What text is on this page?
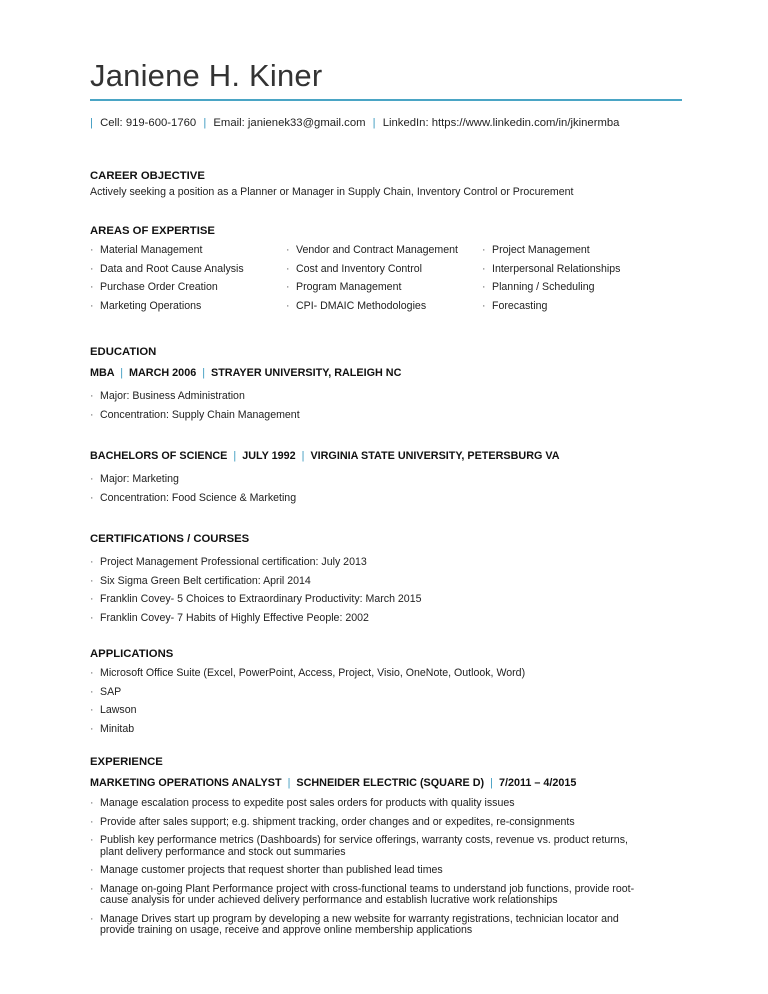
Janiene H. Kiner
| Cell: 919-600-1760 | Email: janienek33@gmail.com | LinkedIn: https://www.linkedin.com/in/jkinermba
CAREER OBJECTIVE
Actively seeking a position as a Planner or Manager in Supply Chain, Inventory Control or Procurement
AREAS OF EXPERTISE
· Material Management
· Data and Root Cause Analysis
· Purchase Order Creation
· Marketing Operations
· Vendor and Contract Management
· Cost and Inventory Control
· Program Management
· CPI- DMAIC Methodologies
· Project Management
· Interpersonal Relationships
· Planning / Scheduling
· Forecasting
EDUCATION
MBA | MARCH 2006 | STRAYER UNIVERSITY, RALEIGH NC
· Major: Business Administration
· Concentration: Supply Chain Management
BACHELORS OF SCIENCE | JULY 1992 | VIRGINIA STATE UNIVERSITY, PETERSBURG VA
· Major: Marketing
· Concentration: Food Science & Marketing
CERTIFICATIONS / COURSES
· Project Management Professional certification: July 2013
· Six Sigma Green Belt certification: April 2014
· Franklin Covey- 5 Choices to Extraordinary Productivity: March 2015
· Franklin Covey- 7 Habits of Highly Effective People: 2002
APPLICATIONS
· Microsoft Office Suite (Excel, PowerPoint, Access, Project, Visio, OneNote, Outlook, Word)
· SAP
· Lawson
· Minitab
EXPERIENCE
MARKETING OPERATIONS ANALYST | SCHNEIDER ELECTRIC (SQUARE D) | 7/2011 – 4/2015
· Manage escalation process to expedite post sales orders for products with quality issues
· Provide after sales support; e.g. shipment tracking, order changes and or expedites, re-consignments
· Publish key performance metrics (Dashboards) for service offerings, warranty costs, revenue vs. product returns,
plant delivery performance and stock out summaries
· Manage customer projects that request shorter than published lead times
· Manage on-going Plant Performance project with cross-functional teams to understand job functions, provide root-
cause analysis for under achieved delivery performance and establish lucrative work relationships
· Manage Drives start up program by developing a new website for warranty registrations, technician locator and
provide training on usage, receive and approve online membership applications
